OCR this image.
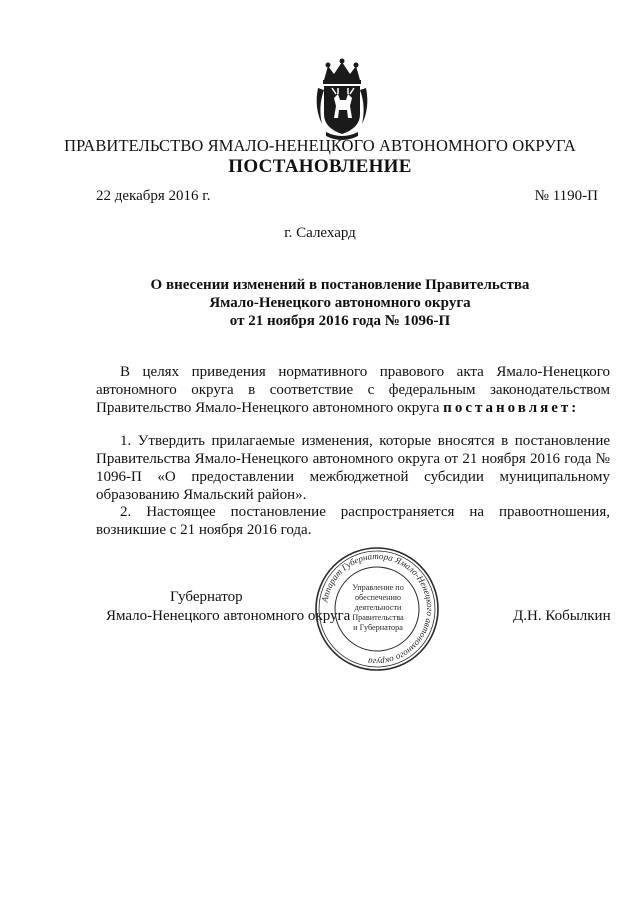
ПРАВИТЕЛЬСТВО ЯМАЛО-НЕНЕЦКОГО АВТОНОМНОГО ОКРУГА
ПОСТАНОВЛЕНИЕ
22 декабря 2016 г.	№ 1190-П
г. Салехард
О внесении изменений в постановление Правительства
Ямало-Ненецкого автономного округа
от 21 ноября 2016 года № 1096-П
В целях приведения нормативного правового акта Ямало-Ненецкого автономного округа в соответствие с федеральным законодательством Правительство Ямало-Ненецкого автономного округа постановляет:
1. Утвердить прилагаемые изменения, которые вносятся в постановление Правительства Ямало-Ненецкого автономного округа от 21 ноября 2016 года № 1096-П «О предоставлении межбюджетной субсидии муниципальному образованию Ямальский район».
2. Настоящее постановление распространяется на правоотношения, возникшие с 21 ноября 2016 года.
Губернатор
Ямало-Ненецкого автономного округа	Д.Н. Кобылкин
Аппарат Губернатора Ямало-Ненецкого автономного округа
Управление по
обеспечению
деятельности
Правительства
и Губернатора
